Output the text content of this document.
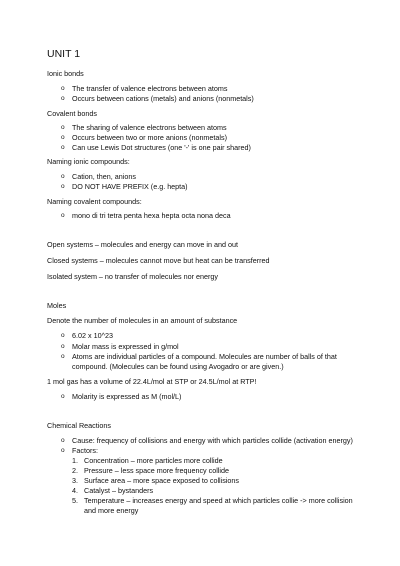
UNIT 1
Ionic bonds
o The transfer of valence electrons between atoms
o Occurs between cations (metals) and anions (nonmetals)
Covalent bonds
o The sharing of valence electrons between atoms
o Occurs between two or more anions (nonmetals)
o Can use Lewis Dot structures (one '-' is one pair shared)
Naming ionic compounds:
o Cation, then, anions
o DO NOT HAVE PREFIX (e.g. hepta)
Naming covalent compounds:
o mono di tri tetra penta hexa hepta octa nona deca
Open systems – molecules and energy can move in and out
Closed systems – molecules cannot move but heat can be transferred
Isolated system – no transfer of molecules nor energy
Moles
Denote the number of molecules in an amount of substance
o 6.02 x 10^23
o Molar mass is expressed in g/mol
o Atoms are individual particles of a compound. Molecules are number of balls of that compound. (Molecules can be found using Avogadro or are given.)
1 mol gas has a volume of 22.4L/mol at STP or 24.5L/mol at RTP!
o Molarity is expressed as M (mol/L)
Chemical Reactions
o Cause: frequency of collisions and energy with which particles collide (activation energy)
o Factors:
1. Concentration – more particles more collide
2. Pressure – less space more frequency collide
3. Surface area – more space exposed to collisions
4. Catalyst – bystanders
5. Temperature – increases energy and speed at which particles collie -> more collision and more energy
